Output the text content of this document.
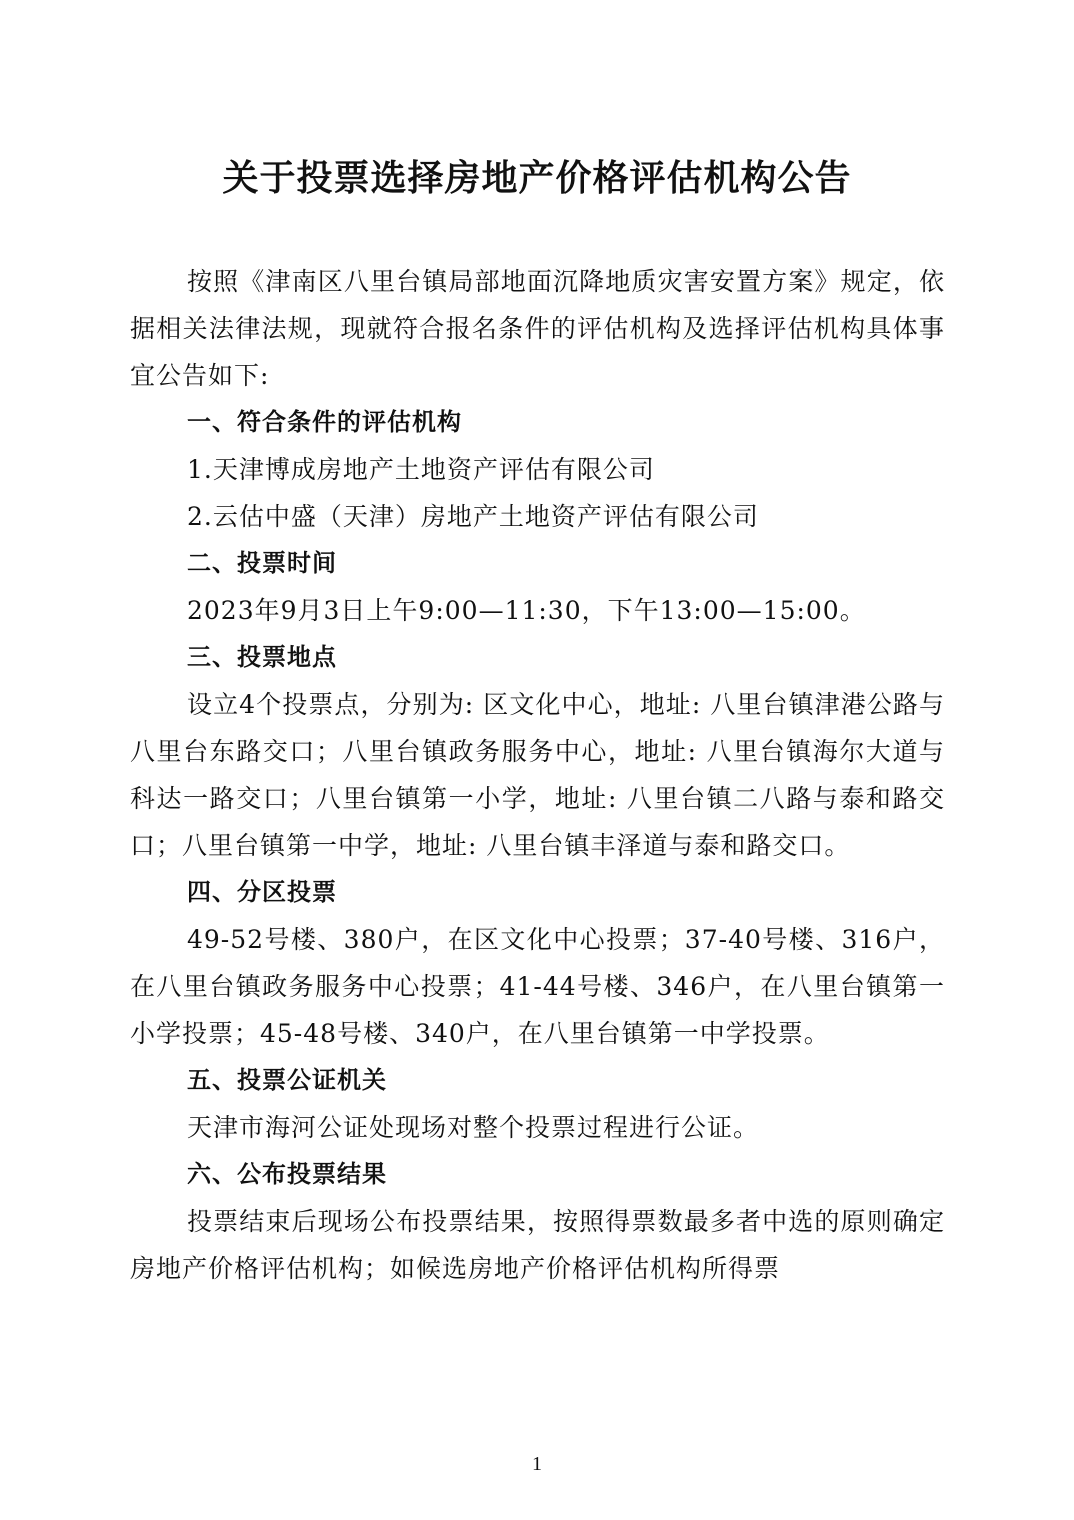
关于投票选择房地产价格评估机构公告

按照《津南区八里台镇局部地面沉降地质灾害安置方案》规定，依据相关法律法规，现就符合报名条件的评估机构及选择评估机构具体事宜公告如下:

一、符合条件的评估机构

1.天津博成房地产土地资产评估有限公司

2.云估中盛（天津）房地产土地资产评估有限公司

二、投票时间

2023年9月3日上午9:00—11:30，下午13:00—15:00。

三、投票地点

设立4个投票点，分别为: 区文化中心，地址: 八里台镇津港公路与八里台东路交口；八里台镇政务服务中心，地址: 八里台镇海尔大道与科达一路交口；八里台镇第一小学，地址: 八里台镇二八路与泰和路交口；八里台镇第一中学，地址: 八里台镇丰泽道与泰和路交口。

四、分区投票

49-52号楼、380户，在区文化中心投票；37-40号楼、316户，在八里台镇政务服务中心投票；41-44号楼、346户，在八里台镇第一小学投票；45-48号楼、340户，在八里台镇第一中学投票。

五、投票公证机关

天津市海河公证处现场对整个投票过程进行公证。

六、公布投票结果

投票结束后现场公布投票结果，按照得票数最多者中选的原则确定房地产价格评估机构；如候选房地产价格评估机构所得票

1
